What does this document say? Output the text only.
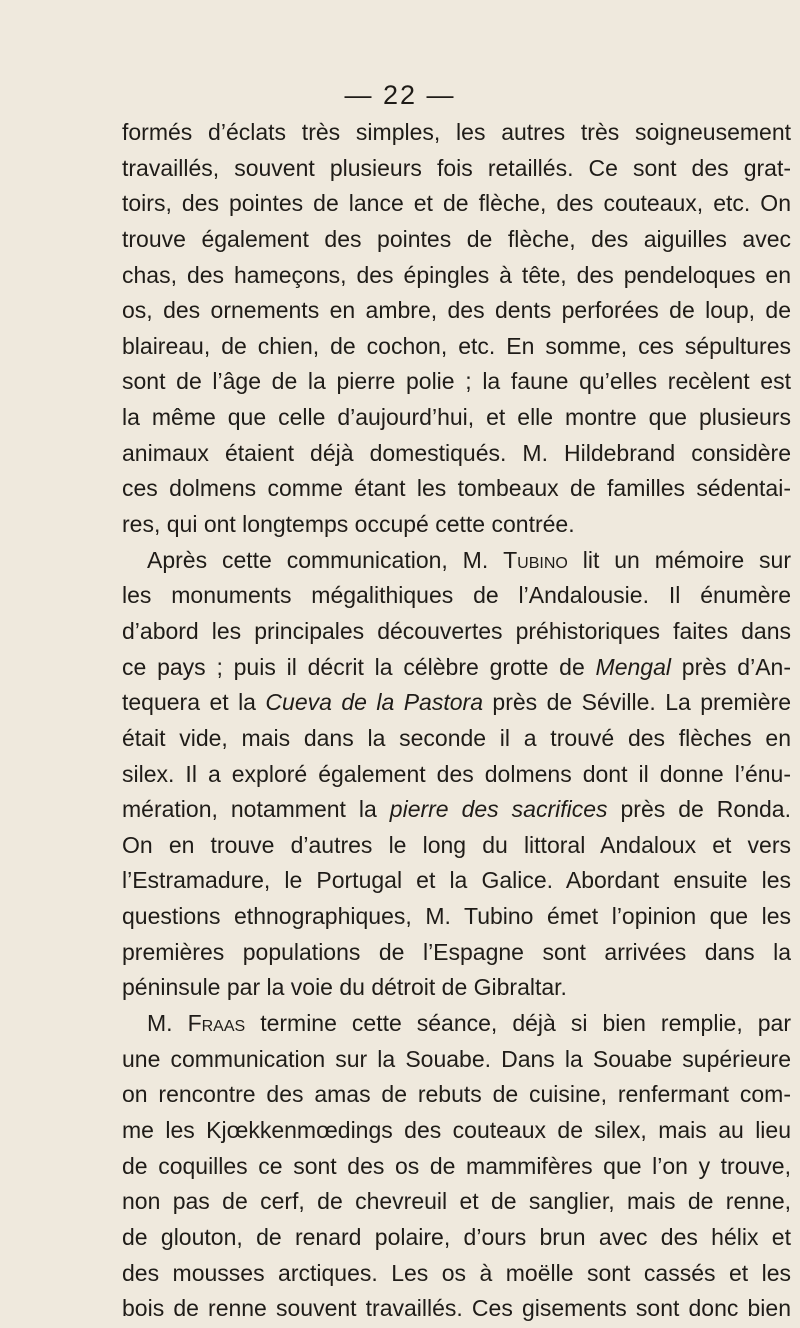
— 22 —
formés d’éclats très simples, les autres très soigneusement
travaillés, souvent plusieurs fois retaillés. Ce sont des grat-
toirs, des pointes de lance et de flèche, des couteaux, etc. On
trouve également des pointes de flèche, des aiguilles avec
chas, des hameçons, des épingles à tête, des pendeloques en
os, des ornements en ambre, des dents perforées de loup, de
blaireau, de chien, de cochon, etc. En somme, ces sépultures
sont de l’âge de la pierre polie ; la faune qu’elles recèlent est
la même que celle d’aujourd’hui, et elle montre que plusieurs
animaux étaient déjà domestiqués. M. Hildebrand considère
ces dolmens comme étant les tombeaux de familles sédentai-
res, qui ont longtemps occupé cette contrée.
Après cette communication, M. Tubino lit un mémoire sur
les monuments mégalithiques de l’Andalousie. Il énumère
d’abord les principales découvertes préhistoriques faites dans
ce pays ; puis il décrit la célèbre grotte de Mengal près d’An-
tequera et la Cueva de la Pastora près de Séville. La première
était vide, mais dans la seconde il a trouvé des flèches en
silex. Il a exploré également des dolmens dont il donne l’énu-
mération, notamment la pierre des sacrifices près de Ronda.
On en trouve d’autres le long du littoral Andaloux et vers
l’Estramadure, le Portugal et la Galice. Abordant ensuite les
questions ethnographiques, M. Tubino émet l’opinion que les
premières populations de l’Espagne sont arrivées dans la
péninsule par la voie du détroit de Gibraltar.
M. Fraas termine cette séance, déjà si bien remplie, par
une communication sur la Souabe. Dans la Souabe supérieure
on rencontre des amas de rebuts de cuisine, renfermant com-
me les Kjœkkenmœdings des couteaux de silex, mais au lieu
de coquilles ce sont des os de mammifères que l’on y trouve,
non pas de cerf, de chevreuil et de sanglier, mais de renne,
de glouton, de renard polaire, d’ours brun avec des hélix et
des mousses arctiques. Les os à moëlle sont cassés et les
bois de renne souvent travaillés. Ces gisements sont donc bien
